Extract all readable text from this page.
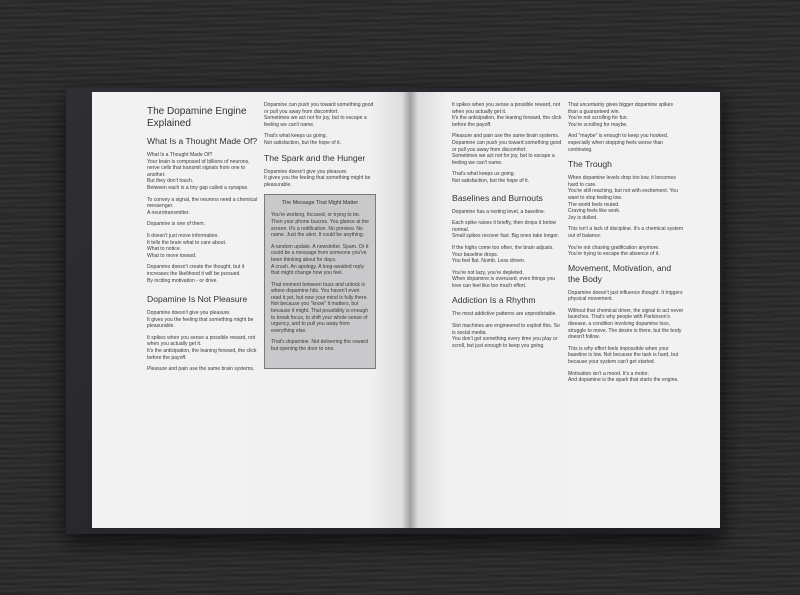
The Dopamine Engine Explained
What Is a Thought Made Of?
What Is a Thought Made Of?
Your brain is composed of billions of neurons, nerve cells that transmit signals from one to another.
But they don't touch.
Between each is a tiny gap called a synapse.
To convey a signal, the neurons need a chemical messenger.
A neurotransmitter.
Dopamine is one of them.
It doesn't just move information.
It tells the brain what to care about.
What to notice.
What to move toward.
Dopamine doesn't create the thought, but it increases the likelihood it will be pursued.
By inciting motivation - or drive.
Dopamine Is Not Pleasure
Dopamine doesn't give you pleasure.
It gives you the feeling that something might be pleasurable.
It spikes when you sense a possible reward, not when you actually get it.
It's the anticipation, the leaning forward, the click before the payoff.
Pleasure and pain use the same brain systems.
Dopamine can push you toward something good or pull you away from discomfort.
Sometimes we act not for joy, but to escape a feeling we can't name.
That's what keeps us going.
Not satisfaction, but the hope of it.
The Spark and the Hunger
Dopamine doesn't give you pleasure.
It gives you the feeling that something might be pleasurable.
The Message That Might Matter
You're working, focused, or trying to be. Then your phone buzzes. You glance at the screen. It's a notification. No preview. No name. Just the alert. It could be anything.
A random update. A newsletter. Spam. Or it could be a message from someone you've been thinking about for days.
A crush. An apology. A long-awaited reply that might change how you feel.
That moment between buzz and unlock is where dopamine hits. You haven't even read it yet, but now your mind is fully there. Not because you "know" it matters, but because it might. That possibility is enough to break focus, to shift your whole sense of urgency, and to pull you away from everything else.
That's dopamine. Not delivering the reward but opening the door to one.
It spikes when you sense a possible reward, not when you actually get it.
It's the anticipation, the leaning forward, the click before the payoff.
Pleasure and pain use the same brain systems.
Dopamine can push you toward something good or pull you away from discomfort.
Sometimes we act not for joy, but to escape a feeling we can't name.
That's what keeps us going.
Not satisfaction, but the hope of it.
Baselines and Burnouts
Dopamine has a resting level, a baseline.
Each spike raises it briefly, then drops it below normal.
Small spikes recover fast. Big ones take longer.
If the highs come too often, the brain adjusts. Your baseline drops.
You feel flat. Numb. Less driven.
You're not lazy, you're depleted.
When dopamine is overused, even things you love can feel like too much effort.
Addiction Is a Rhythm
The most addictive patterns are unpredictable.
Slot machines are engineered to exploit this. So is social media.
You don't get something every time you play or scroll, but just enough to keep you going.
That uncertainty gives bigger dopamine spikes than a guaranteed win.
You're not scrolling for fun.
You're scrolling for maybe.
And "maybe" is enough to keep you hooked, especially when stopping feels worse than continuing.
The Trough
When dopamine levels drop too low, it becomes hard to care.
You're still reaching, but not with excitement. You want to stop feeling low.
The world feels muted.
Craving feels like work.
Joy is dulled.
This isn't a lack of discipline. It's a chemical system out of balance.
You're not chasing gratification anymore.
You're trying to escape the absence of it.
Movement, Motivation, and the Body
Dopamine doesn't just influence thought. It triggers physical movement.
Without that chemical driver, the signal to act never launches. That's why people with Parkinson's disease, a condition involving dopamine loss, struggle to move. The desire is there, but the body doesn't follow.
This is why effort feels impossible when your baseline is low. Not because the task is hard, but because your system can't get started.
Motivation isn't a mood. It's a motor.
And dopamine is the spark that starts the engine.
